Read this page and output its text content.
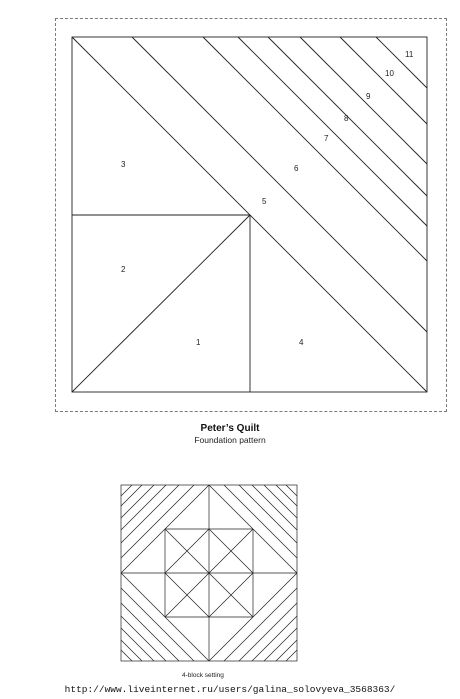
1
2
3
4
5
6
7
8
9
10
11
Peter’s Quilt
Foundation pattern
4-block setting
http://www.liveinternet.ru/users/galina_solovyeva_3568363/
